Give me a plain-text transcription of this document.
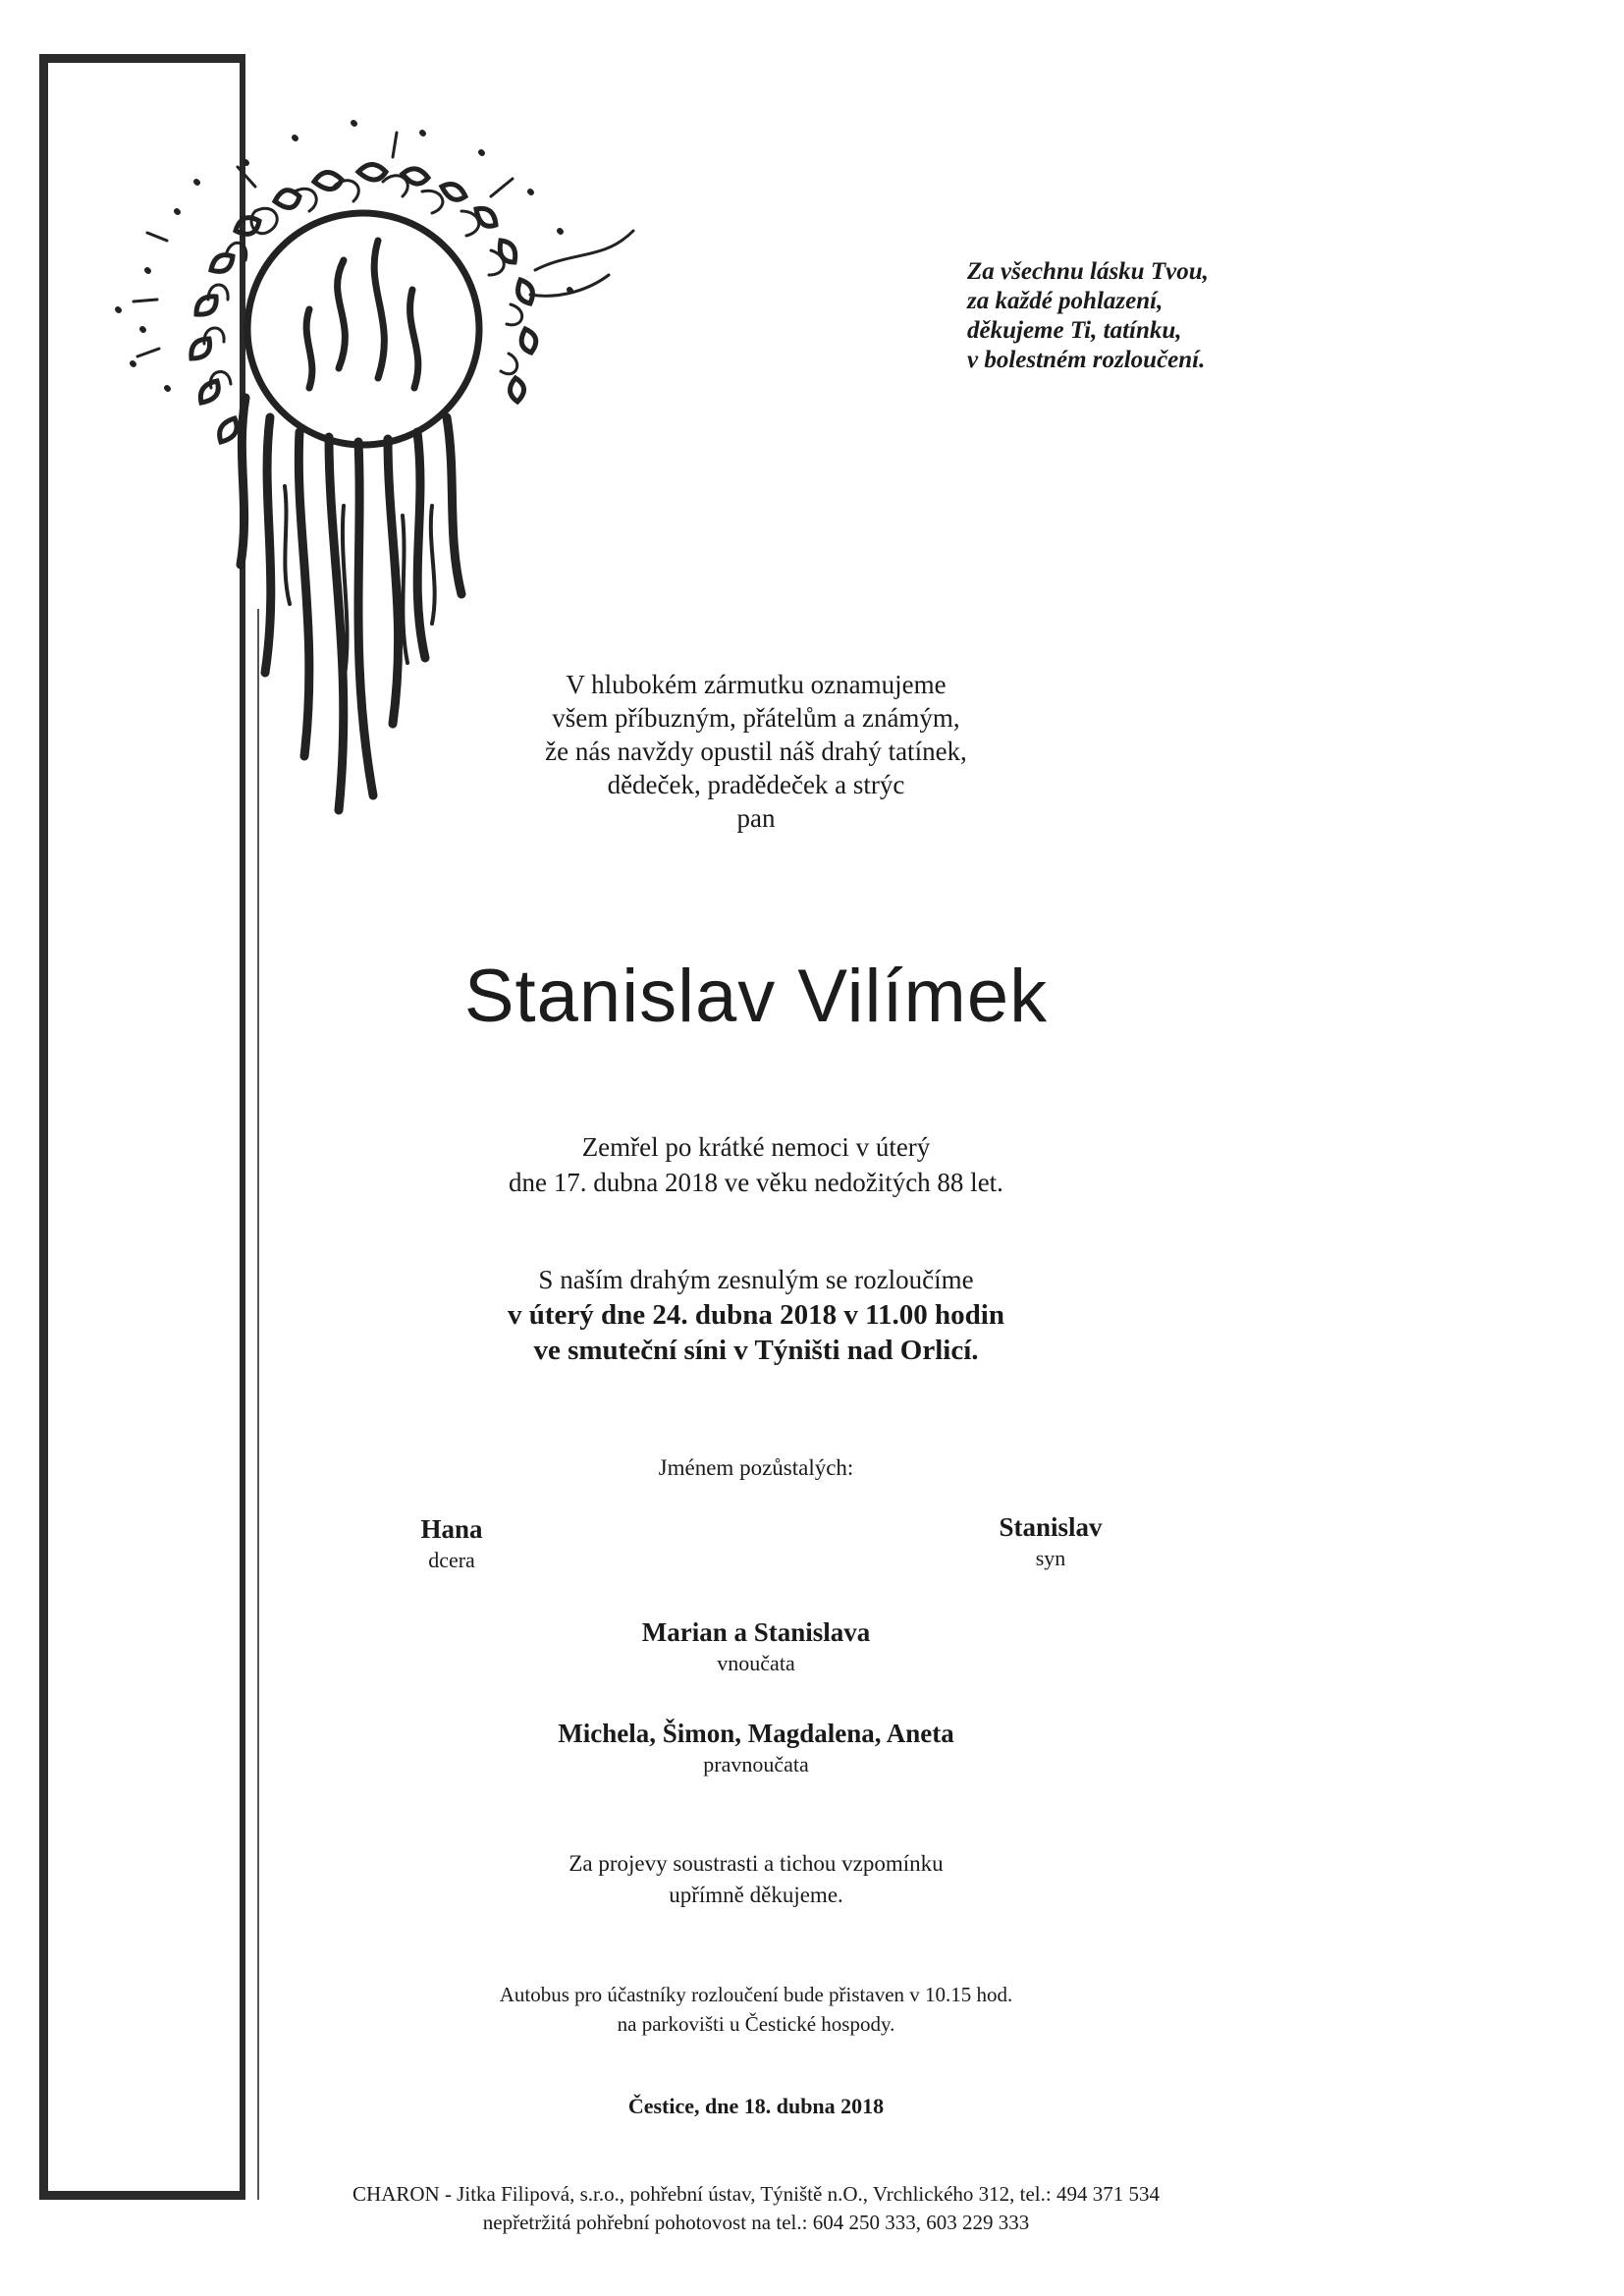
Za všechnu lásku Tvou,
za každé pohlazení,
děkujeme Ti, tatínku,
v bolestném rozloučení.
V hlubokém zármutku oznamujeme
všem příbuzným, přátelům a známým,
že nás navždy opustil náš drahý tatínek,
dědeček, pradědeček a strýc
pan
Stanislav Vilímek
Zemřel po krátké nemoci v úterý
dne 17. dubna 2018 ve věku nedožitých 88 let.
S naším drahým zesnulým se rozloučíme
v úterý dne 24. dubna 2018 v 11.00 hodin
ve smuteční síni v Týništi nad Orlicí.
Jménem pozůstalých:
Hana
dcera
Stanislav
syn
Marian a Stanislava
vnoučata
Michela, Šimon, Magdalena, Aneta
pravnoučata
Za projevy soustrasti a tichou vzpomínku
upřímně děkujeme.
Autobus pro účastníky rozloučení bude přistaven v 10.15 hod.
na parkovišti u Čestické hospody.
Čestice, dne 18. dubna 2018
CHARON - Jitka Filipová, s.r.o., pohřební ústav, Týniště n.O., Vrchlického 312, tel.: 494 371 534
nepřetržitá pohřební pohotovost na tel.: 604 250 333, 603 229 333
